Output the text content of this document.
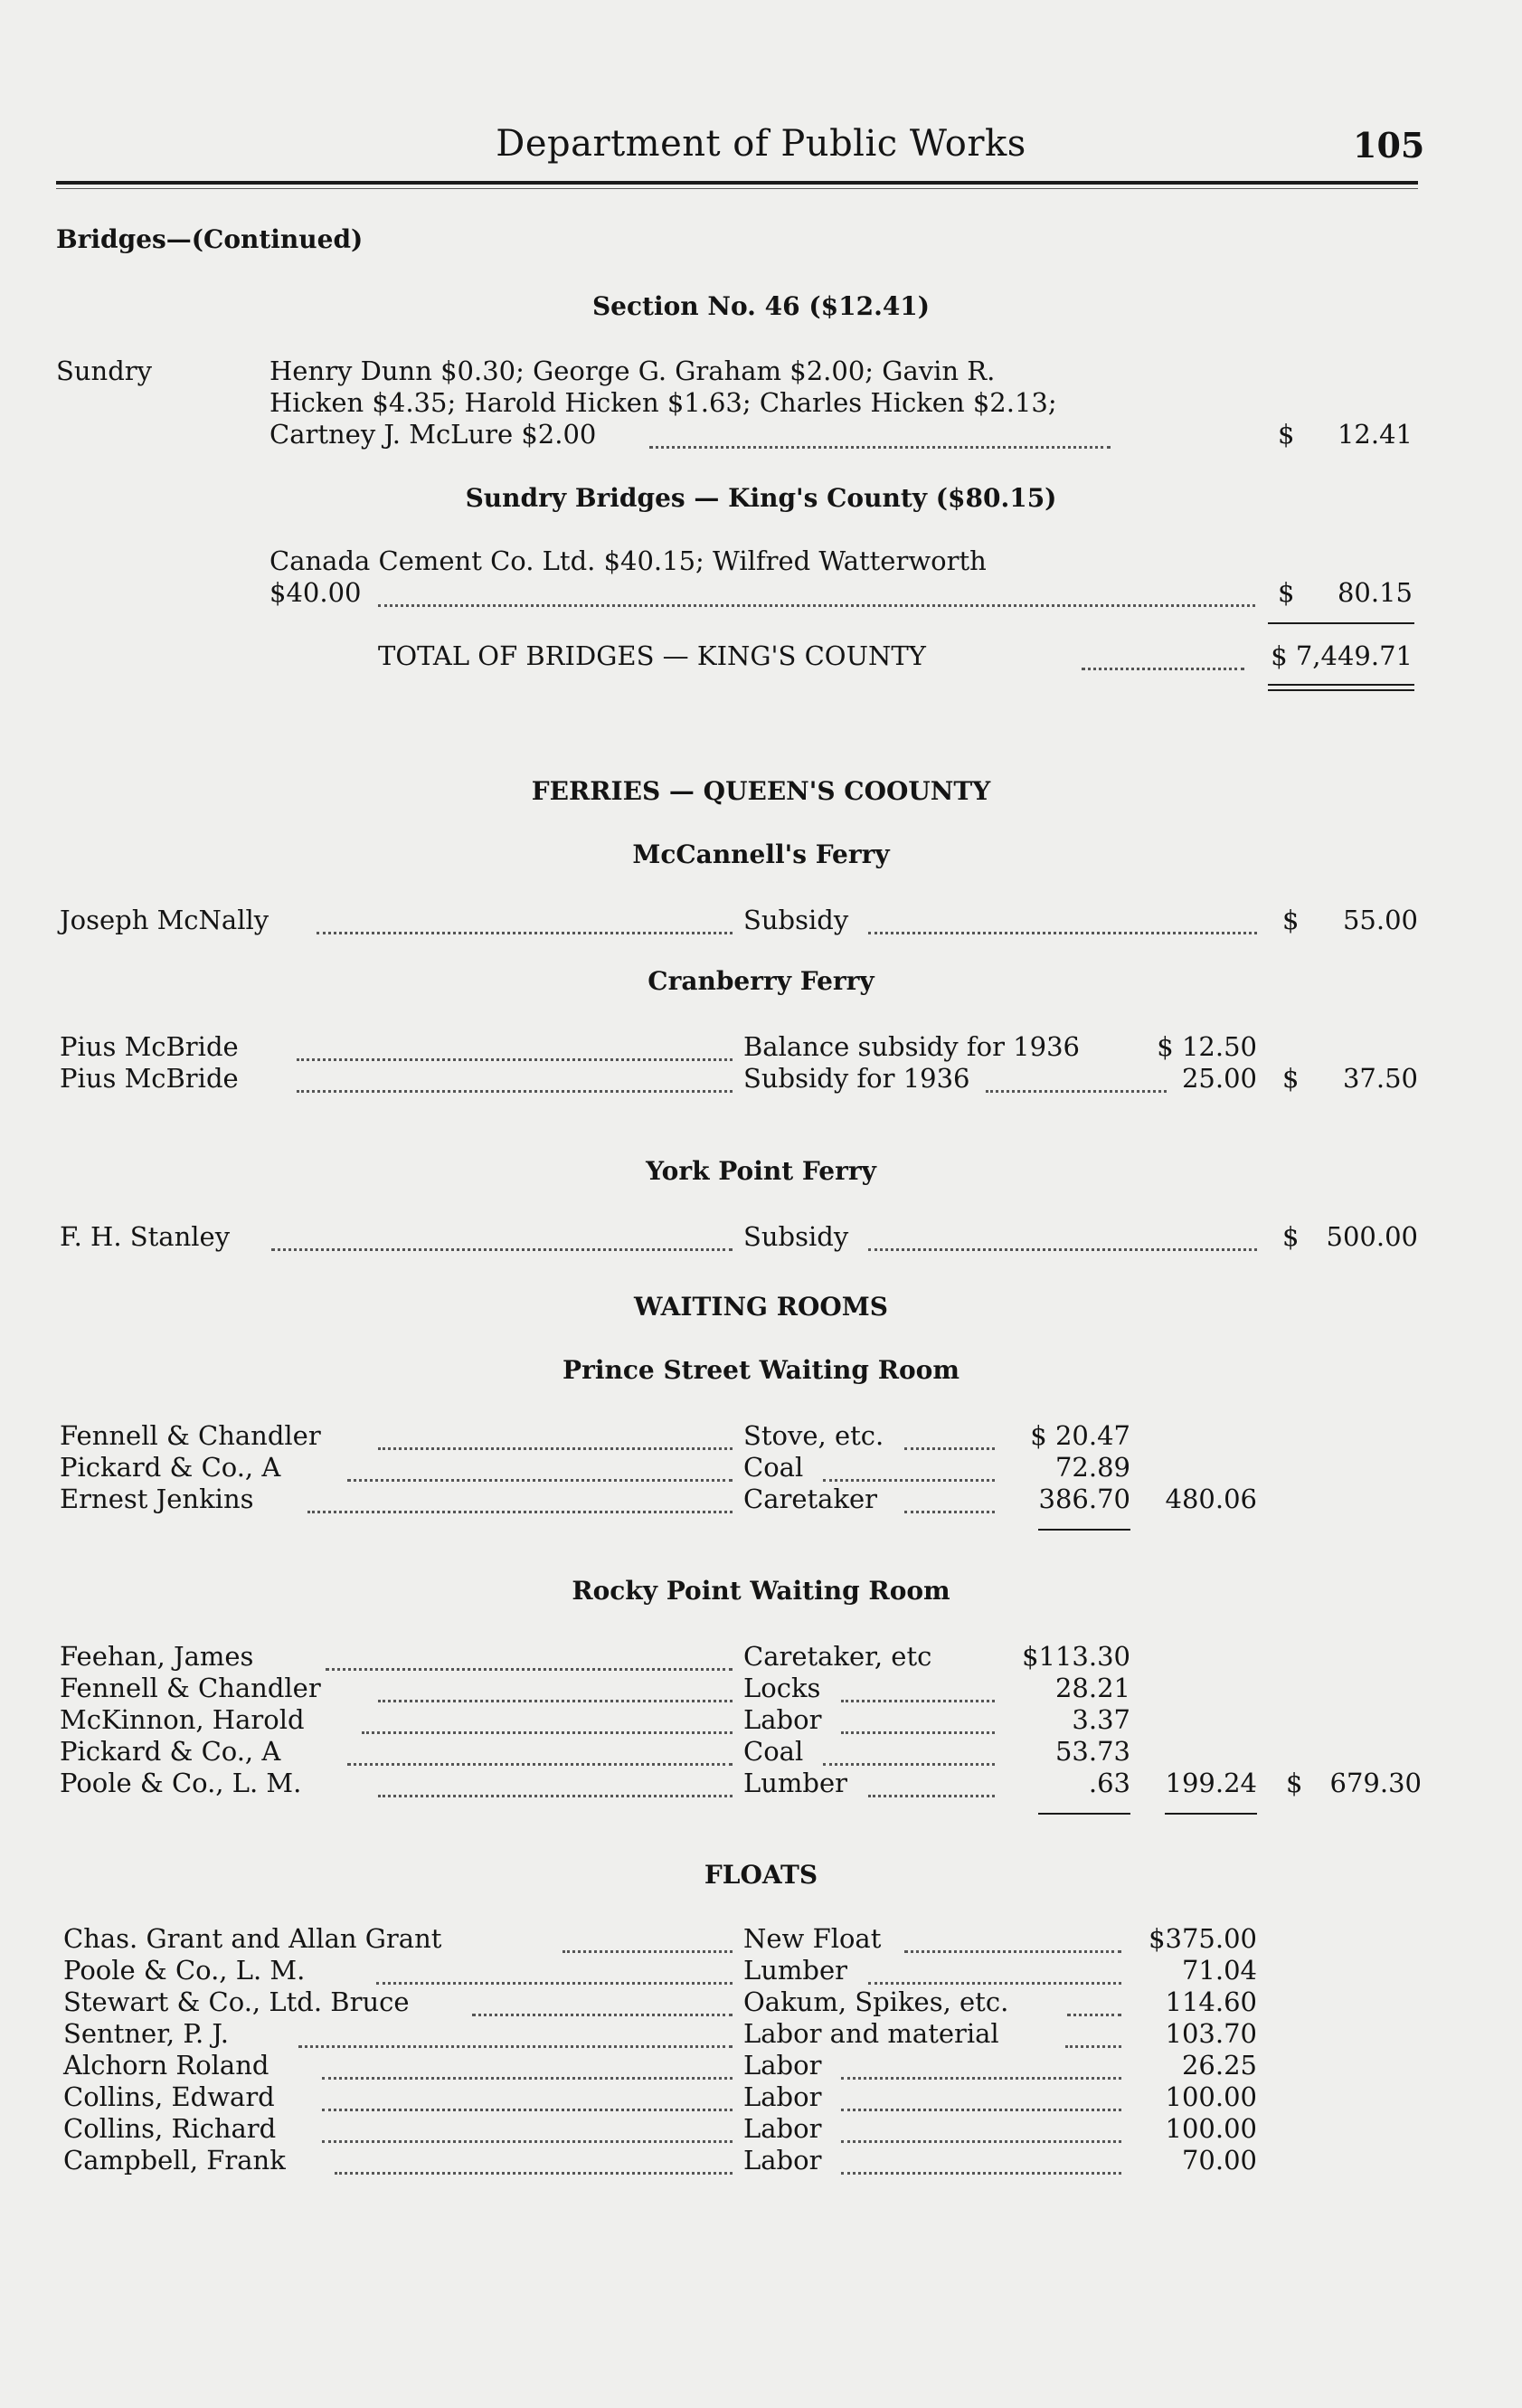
Department of Public Works	105
Bridges—(Continued)
Section No. 46 ($12.41)
Sundry	Henry Dunn $0.30; George G. Graham $2.00; Gavin R.
Hicken $4.35; Harold Hicken $1.63; Charles Hicken $2.13;
Cartney J. McLure $2.00	$	12.41
Sundry Bridges — King's County ($80.15)
Canada Cement Co. Ltd. $40.15; Wilfred Watterworth
$40.00	$	80.15
TOTAL OF BRIDGES — KING'S COUNTY	$ 7,449.71
FERRIES — QUEEN'S COOUNTY
McCannell's Ferry
Joseph McNally	Subsidy	$	55.00
Cranberry Ferry
Pius McBride	Balance subsidy for 1936	$ 12.50
Pius McBride	Subsidy for 1936	25.00 $	37.50
York Point Ferry
F. H. Stanley	Subsidy	$	500.00
WAITING ROOMS
Prince Street Waiting Room
Fennell & Chandler	Stove, etc.	$ 20.47
Pickard & Co., A	Coal	72.89
Ernest Jenkins	Caretaker	386.70	480.06
Rocky Point Waiting Room
Feehan, James	Caretaker, etc	$113.30
Fennell & Chandler	Locks	28.21
McKinnon, Harold	Labor	3.37
Pickard & Co., A	Coal	53.73
Poole & Co., L. M.	Lumber	.63	199.24 $	679.30
FLOATS
Chas. Grant and Allan Grant	New Float	$375.00
Poole & Co., L. M.	Lumber	71.04
Stewart & Co., Ltd. Bruce	Oakum, Spikes, etc.	114.60
Sentner, P. J.	Labor and material	103.70
Alchorn Roland	Labor	26.25
Collins, Edward	Labor	100.00
Collins, Richard	Labor	100.00
Campbell, Frank	Labor	70.00
